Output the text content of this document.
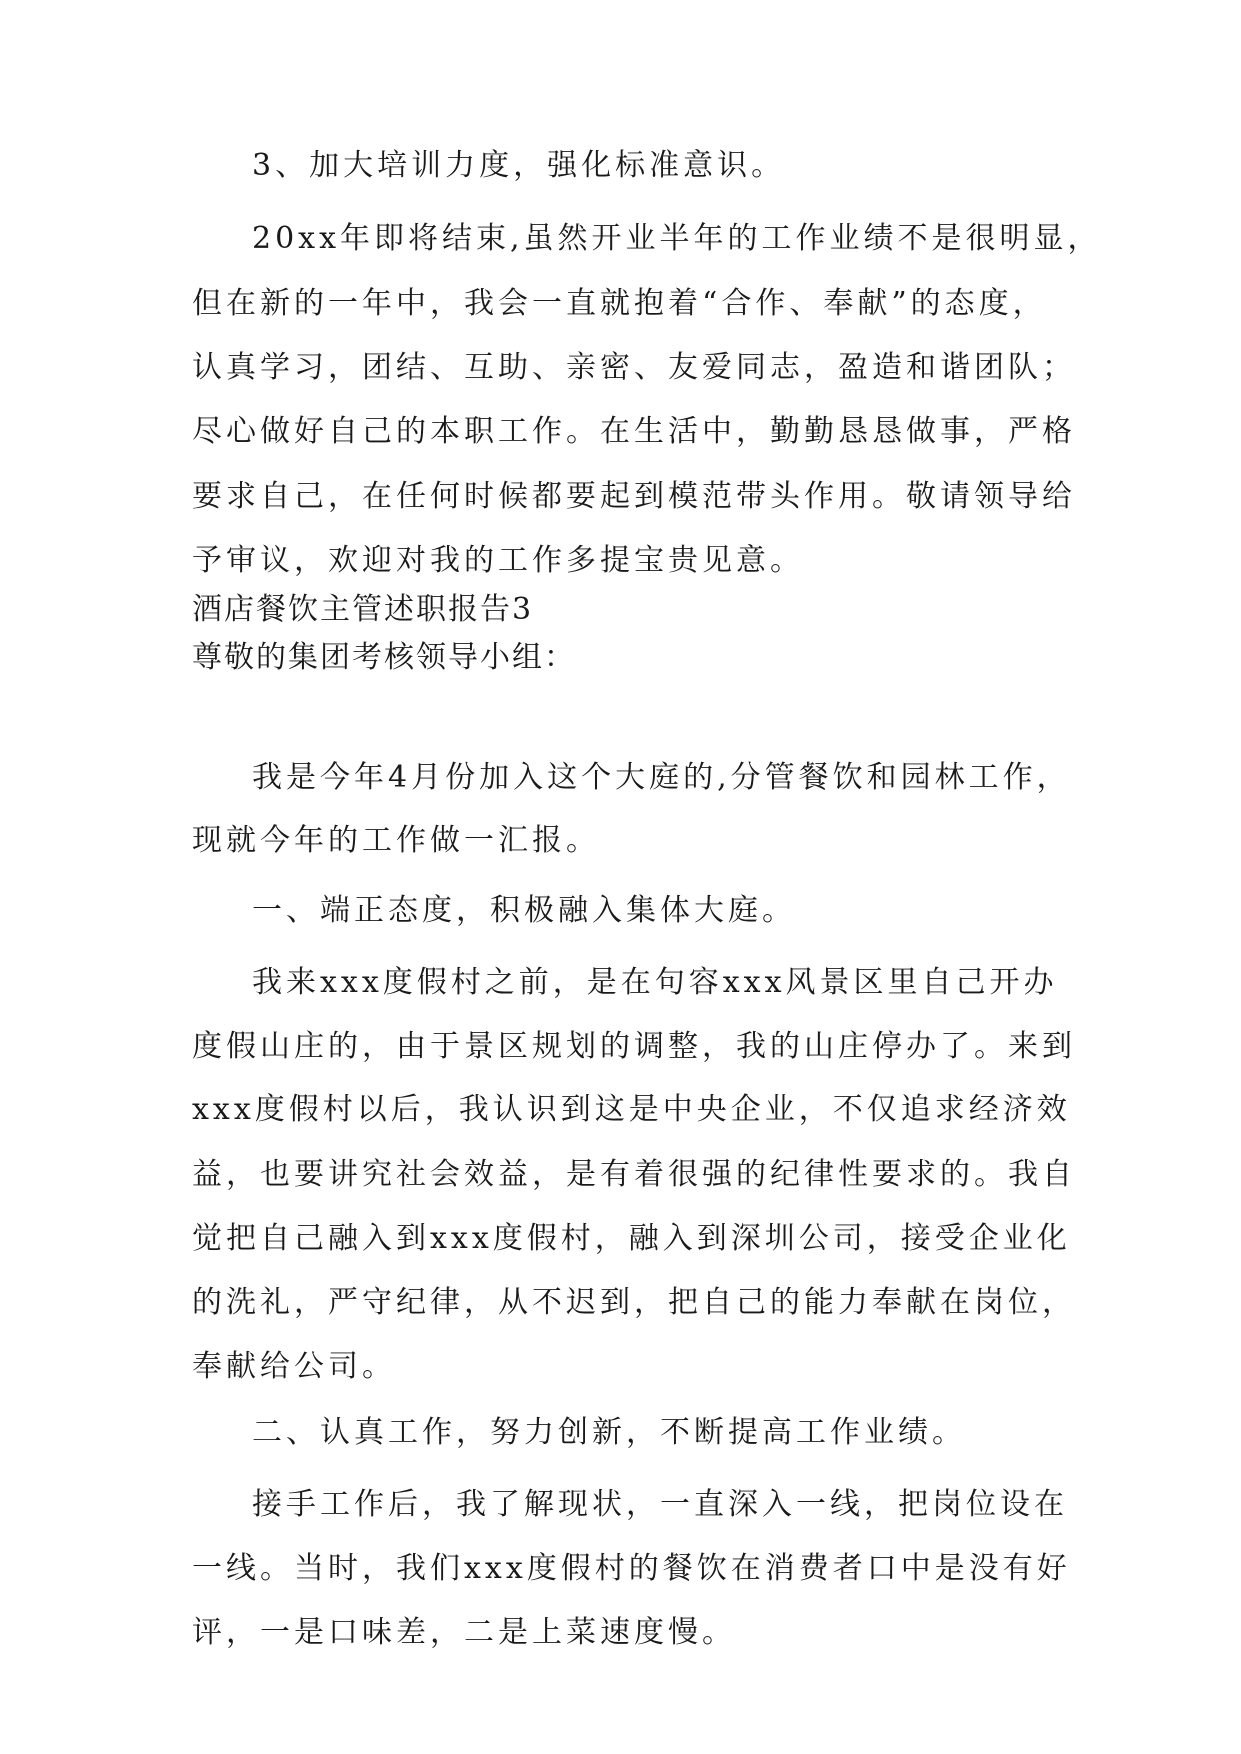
3、加大培训力度，强化标准意识。

20xx年即将结束,虽然开业半年的工作业绩不是很明显，

但在新的一年中，我会一直就抱着“合作、奉献”的态度，

认真学习，团结、互助、亲密、友爱同志，盈造和谐团队；

尽心做好自己的本职工作。在生活中，勤勤恳恳做事，严格

要求自己，在任何时候都要起到模范带头作用。敬请领导给

予审议，欢迎对我的工作多提宝贵见意。

酒店餐饮主管述职报告3

尊敬的集团考核领导小组：

我是今年4月份加入这个大庭的,分管餐饮和园林工作，

现就今年的工作做一汇报。

一、端正态度，积极融入集体大庭。

我来xxx度假村之前，是在句容xxx风景区里自己开办

度假山庄的，由于景区规划的调整，我的山庄停办了。来到

xxx度假村以后，我认识到这是中央企业，不仅追求经济效

益，也要讲究社会效益，是有着很强的纪律性要求的。我自

觉把自己融入到xxx度假村，融入到深圳公司，接受企业化

的洗礼，严守纪律，从不迟到，把自己的能力奉献在岗位，

奉献给公司。

二、认真工作，努力创新，不断提高工作业绩。

接手工作后，我了解现状，一直深入一线，把岗位设在

一线。当时，我们xxx度假村的餐饮在消费者口中是没有好

评，一是口味差，二是上菜速度慢。
